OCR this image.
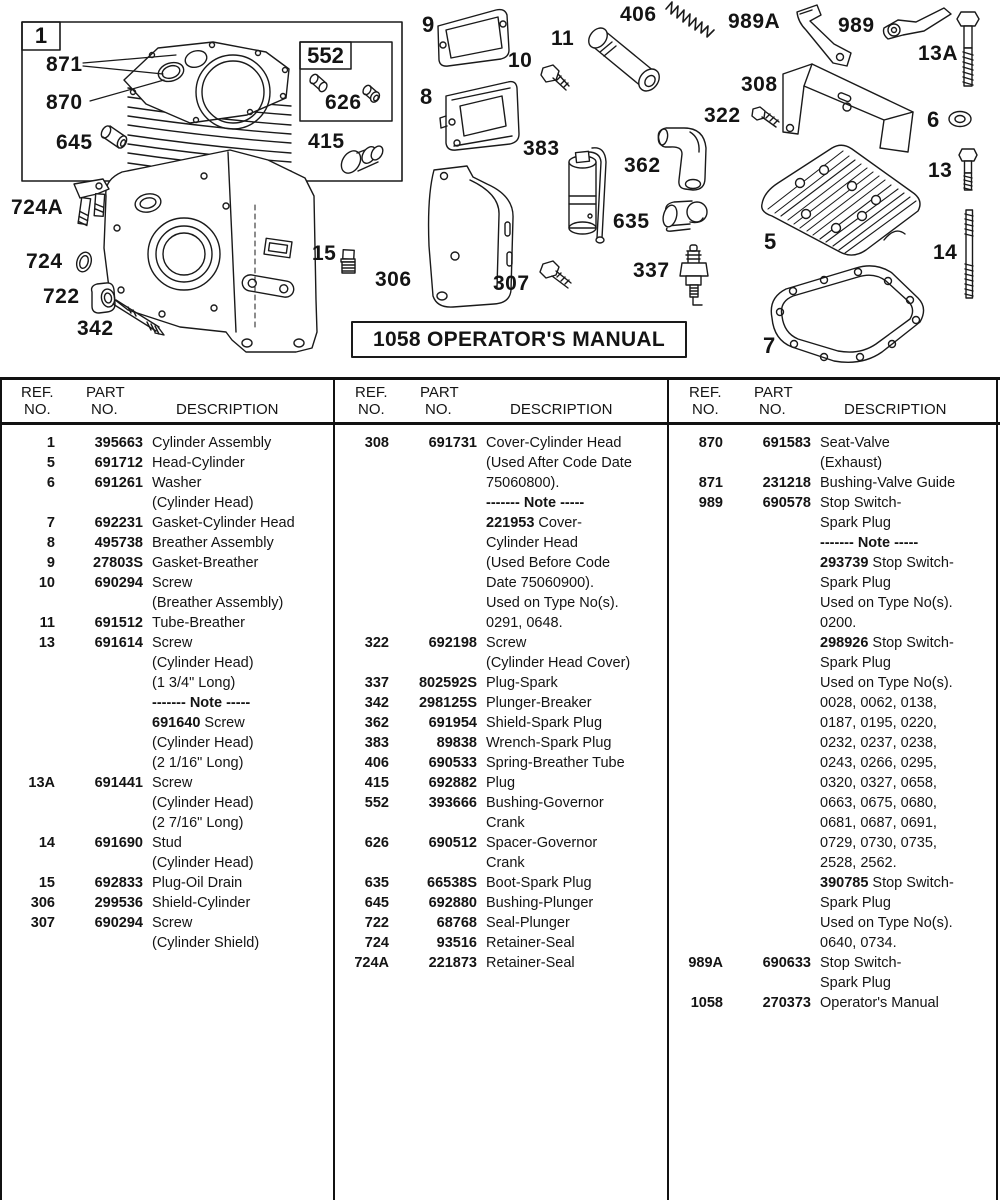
1
552
1058 OPERATOR'S MANUAL
871
870
645
724A
724
722
342
626
415
15
306
9
10
8
11
383
307
362
635
337
406	989A	989
13A
308
322	6
13
5	14
7
REF.
NO.
PART
NO.	DESCRIPTION
REF.
NO.
PART
NO.	DESCRIPTION
REF.
NO.
PART
NO.	DESCRIPTION
1	395663 Cylinder Assembly
5	691712 Head-Cylinder
6	691261 Washer
(Cylinder Head)
7	692231 Gasket-Cylinder Head
8	495738 Breather Assembly
9	27803S Gasket-Breather
10	690294 Screw
(Breather Assembly)
11	691512 Tube-Breather
13	691614 Screw
(Cylinder Head)
(1 3/4" Long)
------- Note -----
691640 Screw
(Cylinder Head)
(2 1/16" Long)
13A	691441 Screw
(Cylinder Head)
(2 7/16" Long)
14	691690 Stud
(Cylinder Head)
15	692833 Plug-Oil Drain
306	299536 Shield-Cylinder
307	690294 Screw
(Cylinder Shield)
308	691731 Cover-Cylinder Head
(Used After Code Date
75060800).
------- Note -----
221953 Cover-
Cylinder Head
(Used Before Code
Date 75060900).
Used on Type No(s).
0291, 0648.
322	692198 Screw
(Cylinder Head Cover)
337	802592S Plug-Spark
342	298125S Plunger-Breaker
362	691954 Shield-Spark Plug
383	89838 Wrench-Spark Plug
406	690533 Spring-Breather Tube
415	692882 Plug
552	393666 Bushing-Governor
Crank
626	690512 Spacer-Governor
Crank
635	66538S Boot-Spark Plug
645	692880 Bushing-Plunger
722	68768 Seal-Plunger
724	93516 Retainer-Seal
724A	221873 Retainer-Seal
870	691583 Seat-Valve
(Exhaust)
871	231218 Bushing-Valve Guide
989	690578 Stop Switch-
Spark Plug
------- Note -----
293739 Stop Switch-
Spark Plug
Used on Type No(s).
0200.
298926 Stop Switch-
Spark Plug
Used on Type No(s).
0028, 0062, 0138,
0187, 0195, 0220,
0232, 0237, 0238,
0243, 0266, 0295,
0320, 0327, 0658,
0663, 0675, 0680,
0681, 0687, 0691,
0729, 0730, 0735,
2528, 2562.
390785 Stop Switch-
Spark Plug
Used on Type No(s).
0640, 0734.
989A	690633 Stop Switch-
Spark Plug
1058	270373 Operator's Manual
